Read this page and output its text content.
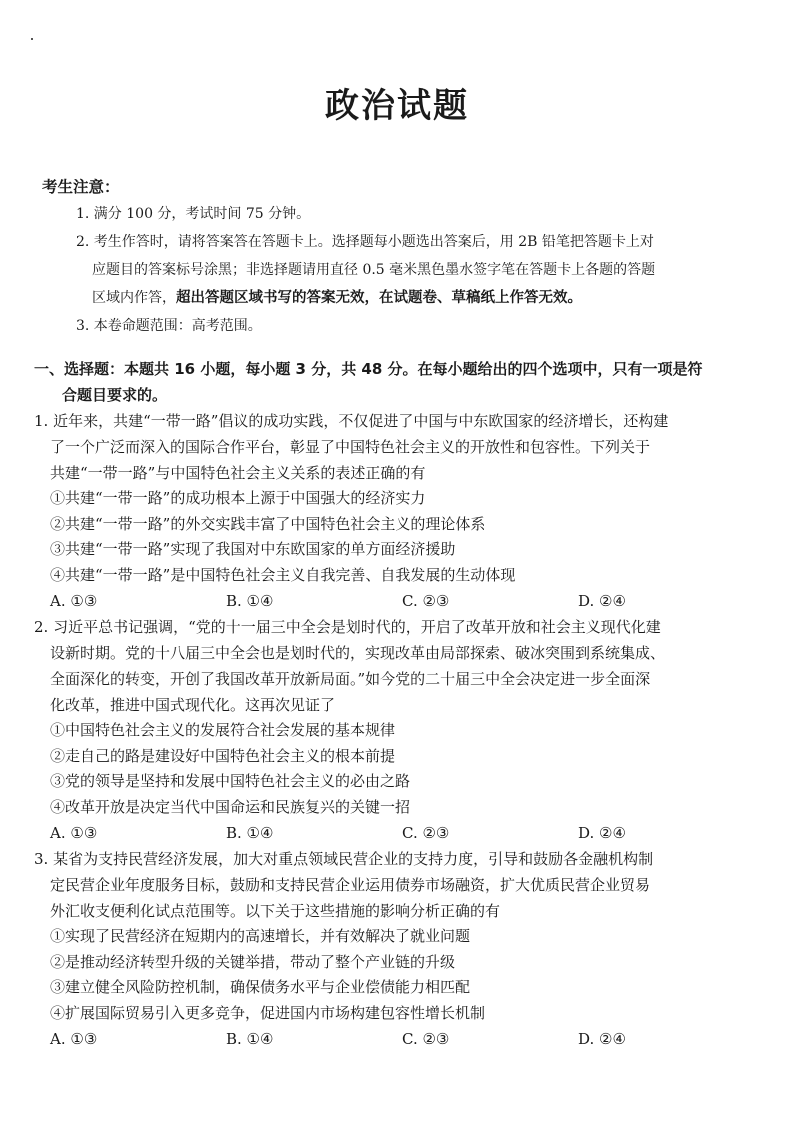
政治试题
考生注意：
1. 满分 100 分，考试时间 75 分钟。
2. 考生作答时，请将答案答在答题卡上。选择题每小题选出答案后，用 2B 铅笔把答题卡上对
应题目的答案标号涂黑；非选择题请用直径 0.5 毫米黑色墨水签字笔在答题卡上各题的答题
区域内作答，超出答题区域书写的答案无效，在试题卷、草稿纸上作答无效。
3. 本卷命题范围：高考范围。
一、选择题：本题共 16 小题，每小题 3 分，共 48 分。在每小题给出的四个选项中，只有一项是符
合题目要求的。
1. 近年来，共建“一带一路”倡议的成功实践，不仅促进了中国与中东欧国家的经济增长，还构建
了一个广泛而深入的国际合作平台，彰显了中国特色社会主义的开放性和包容性。下列关于
共建“一带一路”与中国特色社会主义关系的表述正确的有
①共建“一带一路”的成功根本上源于中国强大的经济实力
②共建“一带一路”的外交实践丰富了中国特色社会主义的理论体系
③共建“一带一路”实现了我国对中东欧国家的单方面经济援助
④共建“一带一路”是中国特色社会主义自我完善、自我发展的生动体现
A. ①③	B. ①④	C. ②③	D. ②④
2. 习近平总书记强调，“党的十一届三中全会是划时代的，开启了改革开放和社会主义现代化建
设新时期。党的十八届三中全会也是划时代的，实现改革由局部探索、破冰突围到系统集成、
全面深化的转变，开创了我国改革开放新局面。”如今党的二十届三中全会决定进一步全面深
化改革，推进中国式现代化。这再次见证了
①中国特色社会主义的发展符合社会发展的基本规律
②走自己的路是建设好中国特色社会主义的根本前提
③党的领导是坚持和发展中国特色社会主义的必由之路
④改革开放是决定当代中国命运和民族复兴的关键一招
A. ①③	B. ①④	C. ②③	D. ②④
3. 某省为支持民营经济发展，加大对重点领域民营企业的支持力度，引导和鼓励各金融机构制
定民营企业年度服务目标，鼓励和支持民营企业运用债券市场融资，扩大优质民营企业贸易
外汇收支便利化试点范围等。以下关于这些措施的影响分析正确的有
①实现了民营经济在短期内的高速增长，并有效解决了就业问题
②是推动经济转型升级的关键举措，带动了整个产业链的升级
③建立健全风险防控机制，确保债务水平与企业偿债能力相匹配
④扩展国际贸易引入更多竞争，促进国内市场构建包容性增长机制
A. ①③	B. ①④	C. ②③	D. ②④
